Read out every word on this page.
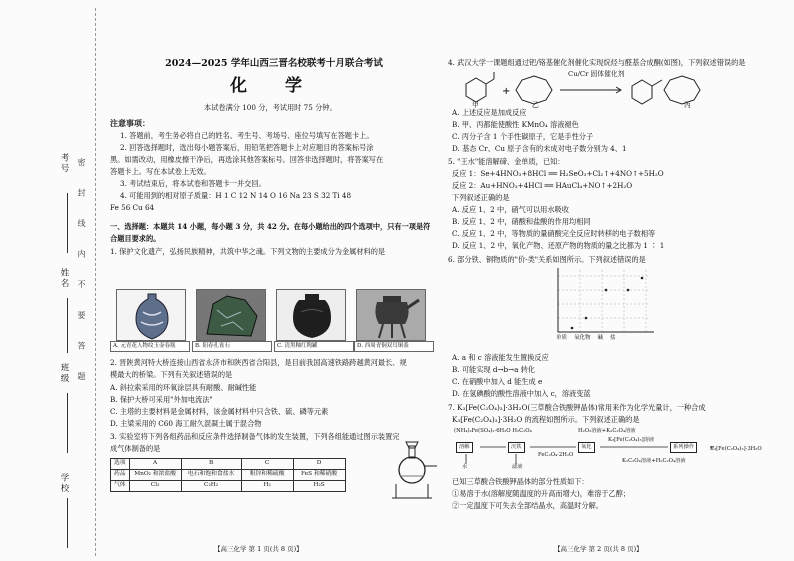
考号
姓名
班级
学校
密 封 线 内 不 要 答 题
2024—2025 学年山西三晋名校联考十月联合考试
化 学
本试卷满分 100 分，考试用时 75 分钟。
注意事项：
1. 答题前，考生务必将自己的姓名、考生号、考场号、座位号填写在答题卡上。
2. 回答选择题时，选出每小题答案后，用铅笔把答题卡上对应题目的答案标号涂
黑。如需改动，用橡皮擦干净后，再选涂其他答案标号。回答非选择题时，将答案写在
答题卡上。写在本试卷上无效。
3. 考试结束后，将本试卷和答题卡一并交回。
4. 可能用到的相对原子质量：H 1 C 12 N 14 O 16 Na 23 S 32 Ti 48
Fe 56 Cu 64
一、选择题：本题共 14 小题，每小题 3 分，共 42 分。在每小题给出的四个选项中，只有一项是符
合题目要求的。
1. 保护文化遗产，弘扬民族精神，共筑中华之魂。下列文物的主要成分为金属材料的是
A. 元青花人物纹玉壶春瓶	B. 阳春孔雀石	C. 清黑釉红陶罐	D. 西周青铜双耳铜盉
2. 晋陕黄河特大桥连接山西省永济市和陕西省合阳县，是目前我国高速铁路跨越黄河最长、规
模最大的桥梁。下列有关叙述错误的是
A. 斜拉索采用的环氧涂层具有耐酸、耐碱性能
B. 保护大桥可采用"外加电流法"
C. 主塔的主要材料是金属材料，该金属材料中只含铁、硫、磷等元素
D. 主梁采用的 C60 海工耐久混凝土属于混合物
3. 实验室将下列各组药品和反应条件选择制备气体的发生装置，下列各组能通过图示装置完
成气体制备的是
选项	A	B	C	D
药品	MnO₂ 和浓盐酸	电石和饱和食盐水	粗锌和稀硫酸	FeS 和稀硝酸
气体	Cl₂	C₂H₂	H₂	H₂S
【高三化学 第 1 页(共 8 页)】
4. 武汉大学一课题组通过钯/铬基催化剂催化实现烷烃与醛基合成酮(如图)，下列叙述错误的是
+
Cu/Cr 固体催化剂
甲	乙	丙
A. 上述反应是加成反应
B. 甲、丙都能使酸性 KMnO₄ 溶液褪色
C. 丙分子含 1 个手性碳原子，它是手性分子
D. 基态 Cr、Cu 原子含有的未成对电子数分别为 4、1
5. "王水"能溶解碲、金单质，已知：
反应 1：Se+4HNO₃+8HCl ══ H₂SeO₃+Cl₂↑+4NO↑+5H₂O
反应 2：Au+HNO₃+4HCl ══ HAuCl₄+NO↑+2H₂O
下列叙述正确的是
A. 反应 1、2 中，硝气可以用水吸收
B. 反应 1、2 中，硝酸和盐酸的作用均相同
C. 反应 1、2 中，等物质的量硝酸完全反应时转移的电子数相等
D. 反应 1、2 中，氧化产物、还原产物的物质的量之比都为 1 ∶ 1
6. 部分铁、铜物质的"价-类"关系如图所示。下列叙述错误的是
单质 氧化物 碱 盐
A. a 和 c 溶液能发生置换反应
B. 可能实现 d→b→a 转化
C. 在硝酸中加入 d 能生成 e
D. 在氢碘酸的酸性溶液中加入 c，溶液变蓝
7. K₃[Fe(C₂O₄)₃]·3H₂O(三草酸合铁酸钾晶体)常用来作为化学光量计，一种合成
K₃[Fe(C₂O₄)₃]·3H₂O 的流程如图所示。下列叙述正确的是
(NH₄)₂Fe(SO₄)₂·6H₂O H₂C₂O₄	H₂O₂溶液+K₂C₂O₄溶液
溶解	沉铁	氧化	系列操作
FeC₂O₄·2H₂O
K₃[Fe(C₂O₄)₃]溶液
K₃[Fe(C₂O₄)₃]·3H₂O
K₂C₂O₄溶液+H₂C₂O₄溶液
水	滤液
已知三草酸合铁酸钾晶体的部分性质如下：
①易溶于水(溶解度随温度的升高而增大)，难溶于乙醇；
②一定温度下可失去全部结晶水，高温时分解。
【高三化学 第 2 页(共 8 页)】
